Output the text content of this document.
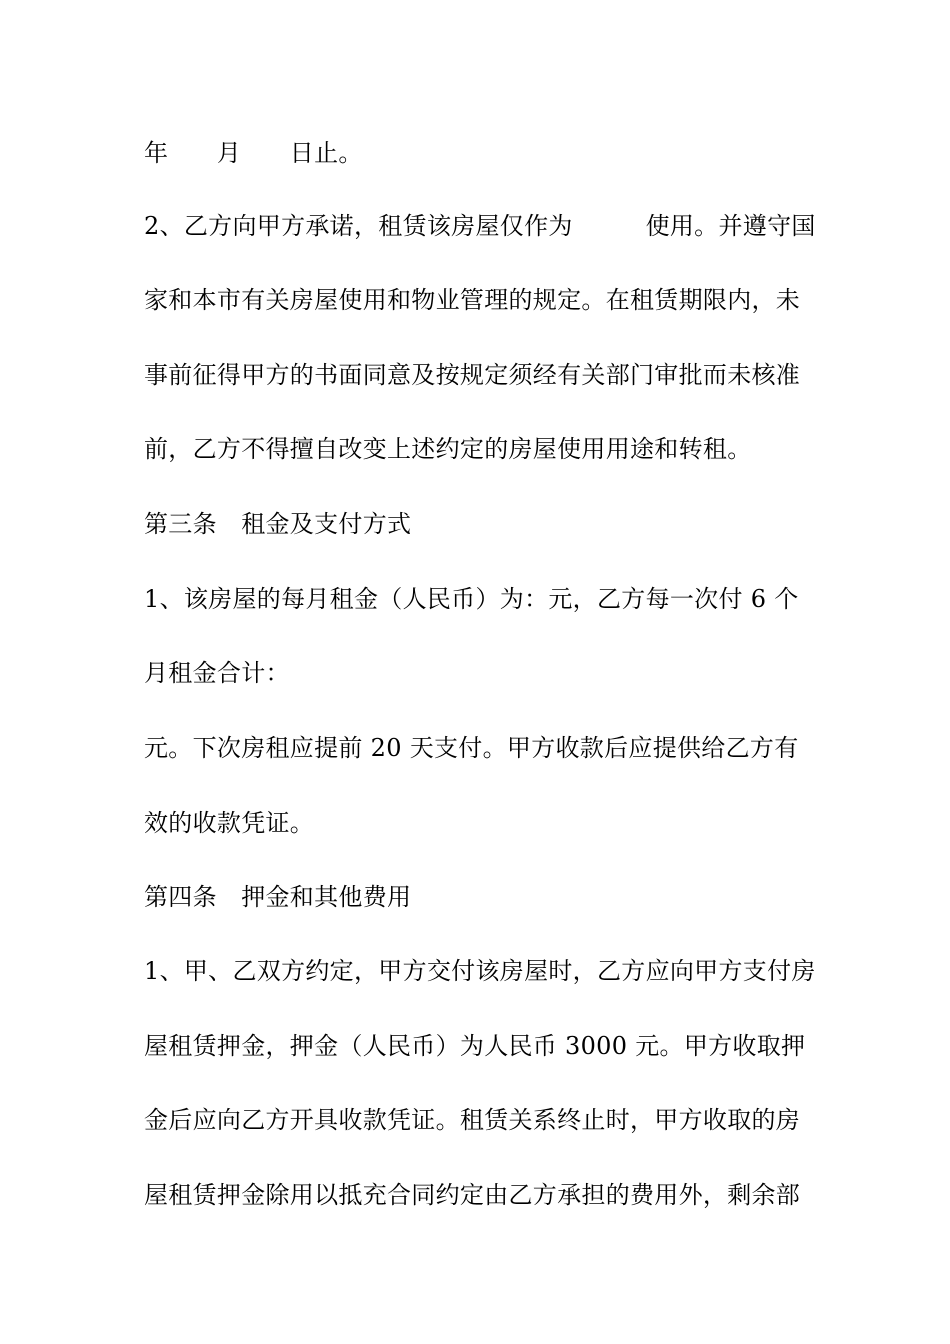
年　　月　　日止。
2、乙方向甲方承诺，租赁该房屋仅作为　　　使用。并遵守国
家和本市有关房屋使用和物业管理的规定。在租赁期限内，未
事前征得甲方的书面同意及按规定须经有关部门审批而未核准
前，乙方不得擅自改变上述约定的房屋使用用途和转租。
第三条　租金及支付方式
1、该房屋的每月租金（人民币）为：元，乙方每一次付 6 个
月租金合计：
元。下次房租应提前 20 天支付。甲方收款后应提供给乙方有
效的收款凭证。
第四条　押金和其他费用
1、甲、乙双方约定，甲方交付该房屋时，乙方应向甲方支付房
屋租赁押金，押金（人民币）为人民币 3000 元。甲方收取押
金后应向乙方开具收款凭证。租赁关系终止时，甲方收取的房
屋租赁押金除用以抵充合同约定由乙方承担的费用外，剩余部
